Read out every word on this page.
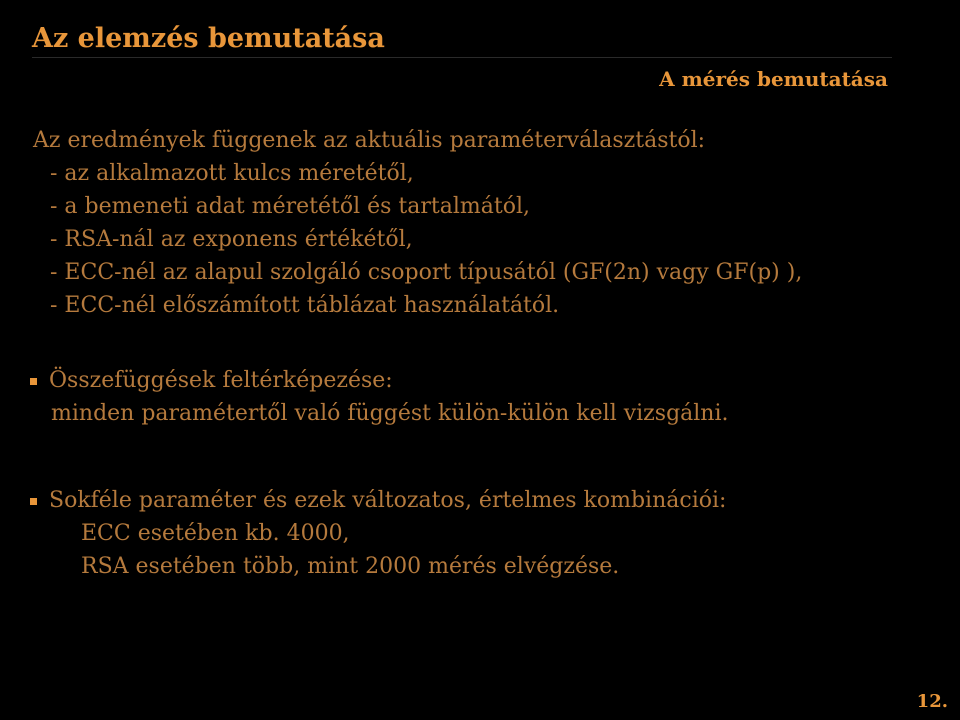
Az elemzés bemutatása
A mérés bemutatása
Az eredmények függenek az aktuális paraméterválasztástól:
- az alkalmazott kulcs méretétől,
- a bemeneti adat méretétől és tartalmától,
- RSA-nál az exponens értékétől,
- ECC-nél az alapul szolgáló csoport típusától (GF(2n) vagy GF(p) ),
- ECC-nél előszámított táblázat használatától.
Összefüggések feltérképezése:
minden paramétertől való függést külön-külön kell vizsgálni.
Sokféle paraméter és ezek változatos, értelmes kombinációi:
ECC esetében kb. 4000,
RSA esetében több, mint 2000 mérés elvégzése.
12.
